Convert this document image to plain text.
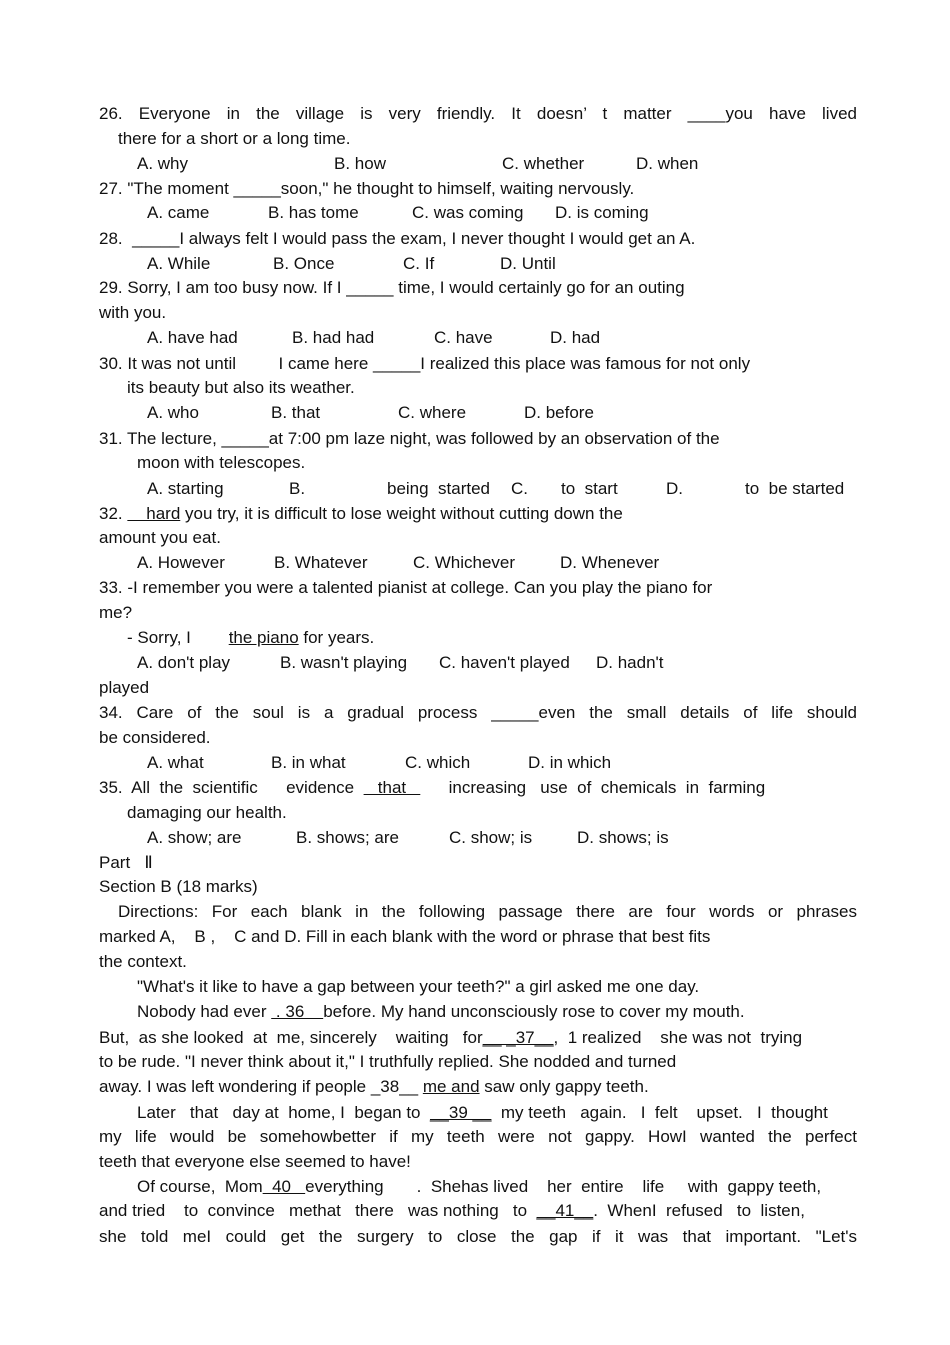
26. Everyone in the village is very friendly. It doesn’ t matter ____you have lived
there for a short or a long time.
A. why	B. how	C. whether	D. when
27. "The moment _____soon," he thought to himself, waiting nervously.
A. came	B. has tome	C. was coming D. is coming
28.  _____I always felt I would pass the exam, I never thought I would get an A.
A. While	B. Once	C. If	D. Until
29. Sorry, I am too busy now. If I _____ time, I would certainly go for an outing
with you.
A. have had	B. had had	C. have	D. had
30. It was not until         I came here _____I realized this place was famous for not only
its beauty but also its weather.
A. who	B. that	C. where	D. before
31. The lecture, _____at 7:00 pm laze night, was followed by an observation of the
moon with telescopes.
A. starting	B.	being  started C. to  start	D.	to  be started
32.     hard you try, it is difficult to lose weight without cutting down the
amount you eat.
A. However	B. Whatever	C. Whichever	D. Whenever
33. -I remember you were a talented pianist at college. Can you play the piano for
me?
- Sorry, I        the piano for years.
A. don't play	B. wasn't playing C. haven't played D. hadn't
played
34. Care of the soul is a gradual process _____even the small details of life should
be considered.
A. what	B. in what	C. which	D. in which
35.  All  the  scientific      evidence     that         increasing   use  of  chemicals  in  farming
damaging our health.
A. show; are	B. shows; are	C. show; is	D. shows; is
Part   Ⅱ
Section B (18 marks)
Directions: For each blank in the following passage there are four words or phrases
marked A,    B ,    C and D. Fill in each blank with the word or phrase that best fits
the context.
"What's it like to have a gap between your teeth?" a girl asked me one day.
Nobody had ever  . 36    before. My hand unconsciously rose to cover my mouth.
But,  as she looked  at  me, sincerely    waiting   for__ _37__,  1 realized    she was not  trying
to be rude. "I never think about it," I truthfully replied. She nodded and turned
away. I was left wondering if people _38__ me and saw only gappy teeth.
Later   that   day at  home, I  began to  __39 __  my teeth   again.   I  felt    upset.   I  thought
my life would be somehowbetter if my teeth were not gappy. HowI wanted the perfect
teeth that everyone else seemed to have!
Of course,  Mom  40   everything       .  Shehas lived    her  entire    life     with  gappy teeth,
and tried    to  convince   methat   there   was nothing   to  __41__.  WhenI  refused   to  listen,
she told meI could get the surgery to close the gap if it was that important. "Let's
